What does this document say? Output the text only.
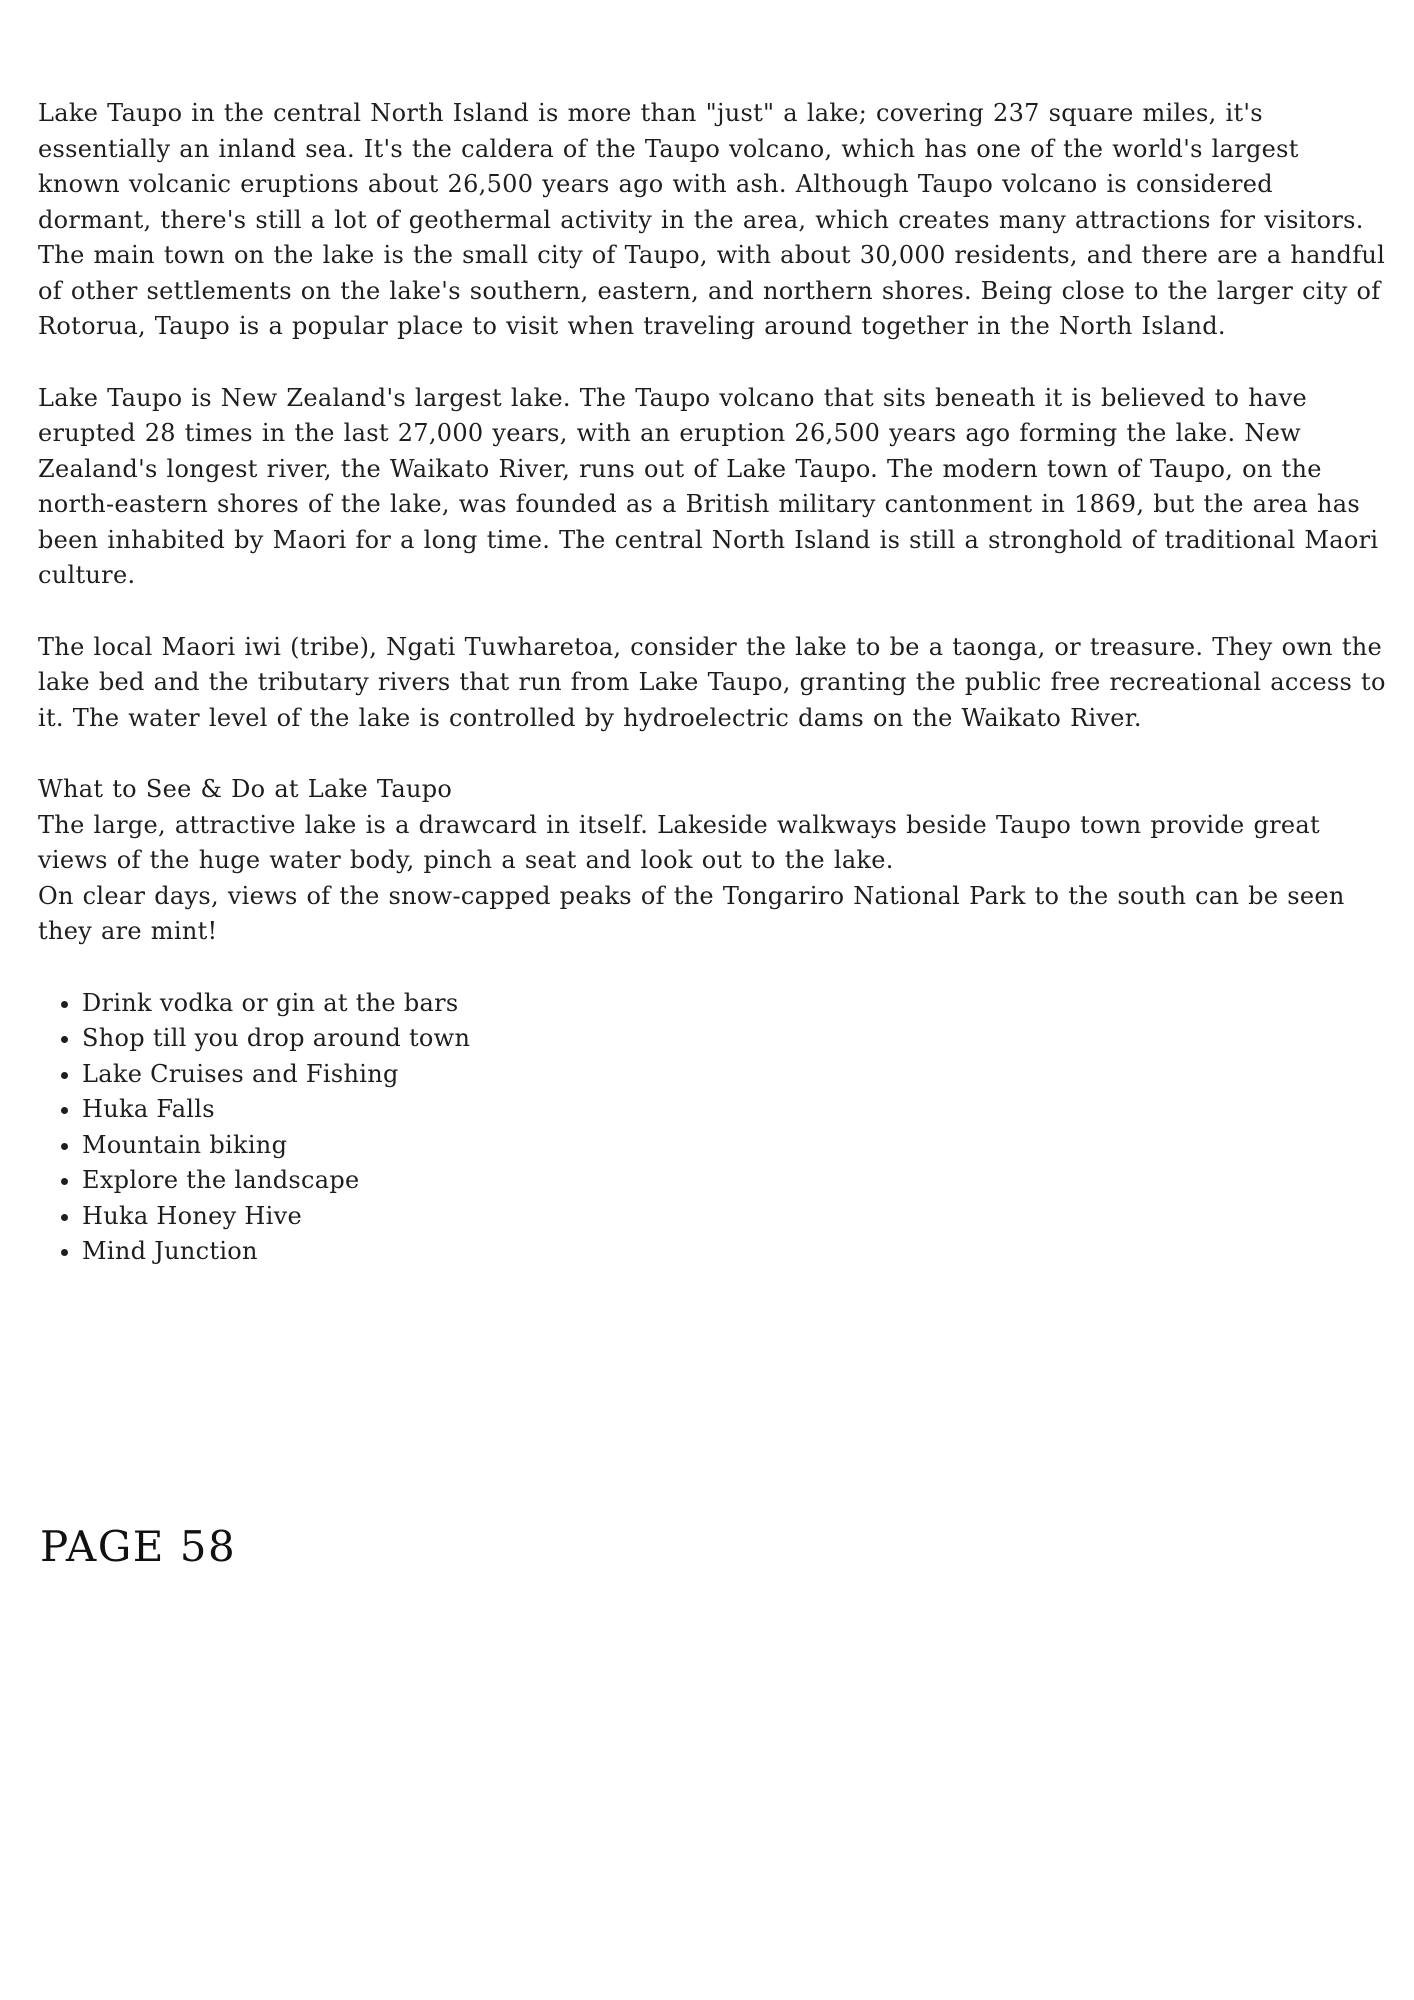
Lake Taupo in the central North Island is more than "just" a lake; covering 237 square miles, it's essentially an inland sea. It's the caldera of the Taupo volcano, which has one of the world's largest known volcanic eruptions about 26,500 years ago with ash. Although Taupo volcano is considered dormant, there's still a lot of geothermal activity in the area, which creates many attractions for visitors. The main town on the lake is the small city of Taupo, with about 30,000 residents, and there are a handful of other settlements on the lake's southern, eastern, and northern shores. Being close to the larger city of Rotorua, Taupo is a popular place to visit when traveling around together in the North Island.

Lake Taupo is New Zealand's largest lake. The Taupo volcano that sits beneath it is believed to have erupted 28 times in the last 27,000 years, with an eruption 26,500 years ago forming the lake. New Zealand's longest river, the Waikato River, runs out of Lake Taupo. The modern town of Taupo, on the north-eastern shores of the lake, was founded as a British military cantonment in 1869, but the area has been inhabited by Maori for a long time. The central North Island is still a stronghold of traditional Maori culture.

The local Maori iwi (tribe), Ngati Tuwharetoa, consider the lake to be a taonga, or treasure. They own the lake bed and the tributary rivers that run from Lake Taupo, granting the public free recreational access to it. The water level of the lake is controlled by hydroelectric dams on the Waikato River.

What to See & Do at Lake Taupo

The large, attractive lake is a drawcard in itself. Lakeside walkways beside Taupo town provide great views of the huge water body, pinch a seat and look out to the lake.

On clear days, views of the snow-capped peaks of the Tongariro National Park to the south can be seen they are mint!

• Drink vodka or gin at the bars
• Shop till you drop around town
• Lake Cruises and Fishing
• Huka Falls
• Mountain biking
• Explore the landscape
• Huka Honey Hive
• Mind Junction
PAGE 58
